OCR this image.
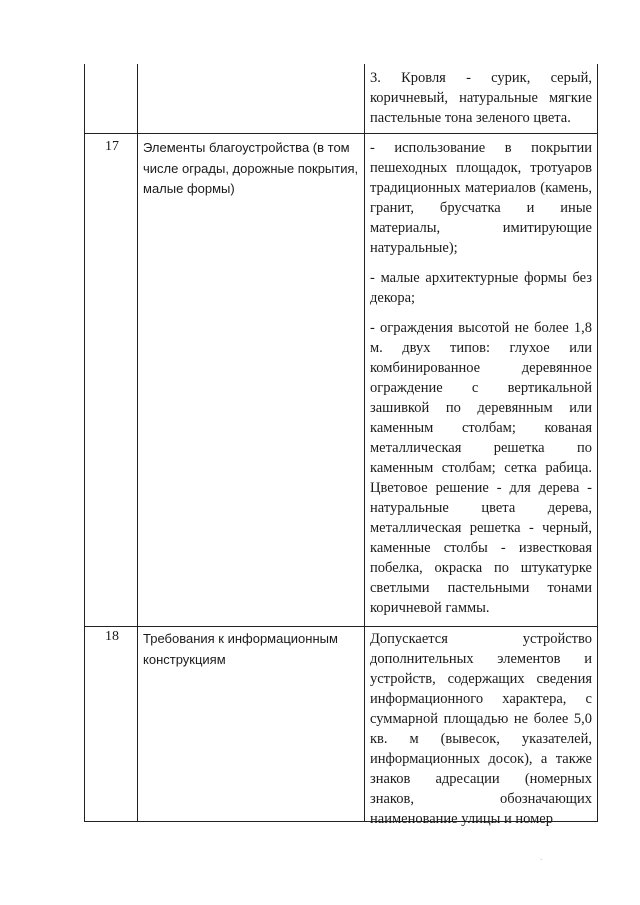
3. Кровля - сурик, серый, коричневый, натуральные мягкие пастельные тона зеленого цвета.

17	Элементы благоустройства (в том числе ограды, дорожные покрытия, малые формы)

- использование в покрытии пешеходных площадок, тротуаров традиционных материалов (камень, гранит, брусчатка и иные материалы, имитирующие натуральные);

- малые архитектурные формы без декора;

- ограждения высотой не более 1,8 м. двух типов: глухое или комбинированное деревянное ограждение с вертикальной зашивкой по деревянным или каменным столбам; кованая металлическая решетка по каменным столбам; сетка рабица. Цветовое решение - для дерева - натуральные цвета дерева, металлическая решетка - черный, каменные столбы - известковая побелка, окраска по штукатурке светлыми пастельными тонами коричневой гаммы.

18	Требования к информационным конструкциям

Допускается устройство дополнительных элементов и устройств, содержащих сведения информационного характера, с суммарной площадью не более 5,0 кв. м (вывесок, указателей, информационных досок), а также знаков адресации (номерных знаков, обозначающих наименование улицы и номер

·
